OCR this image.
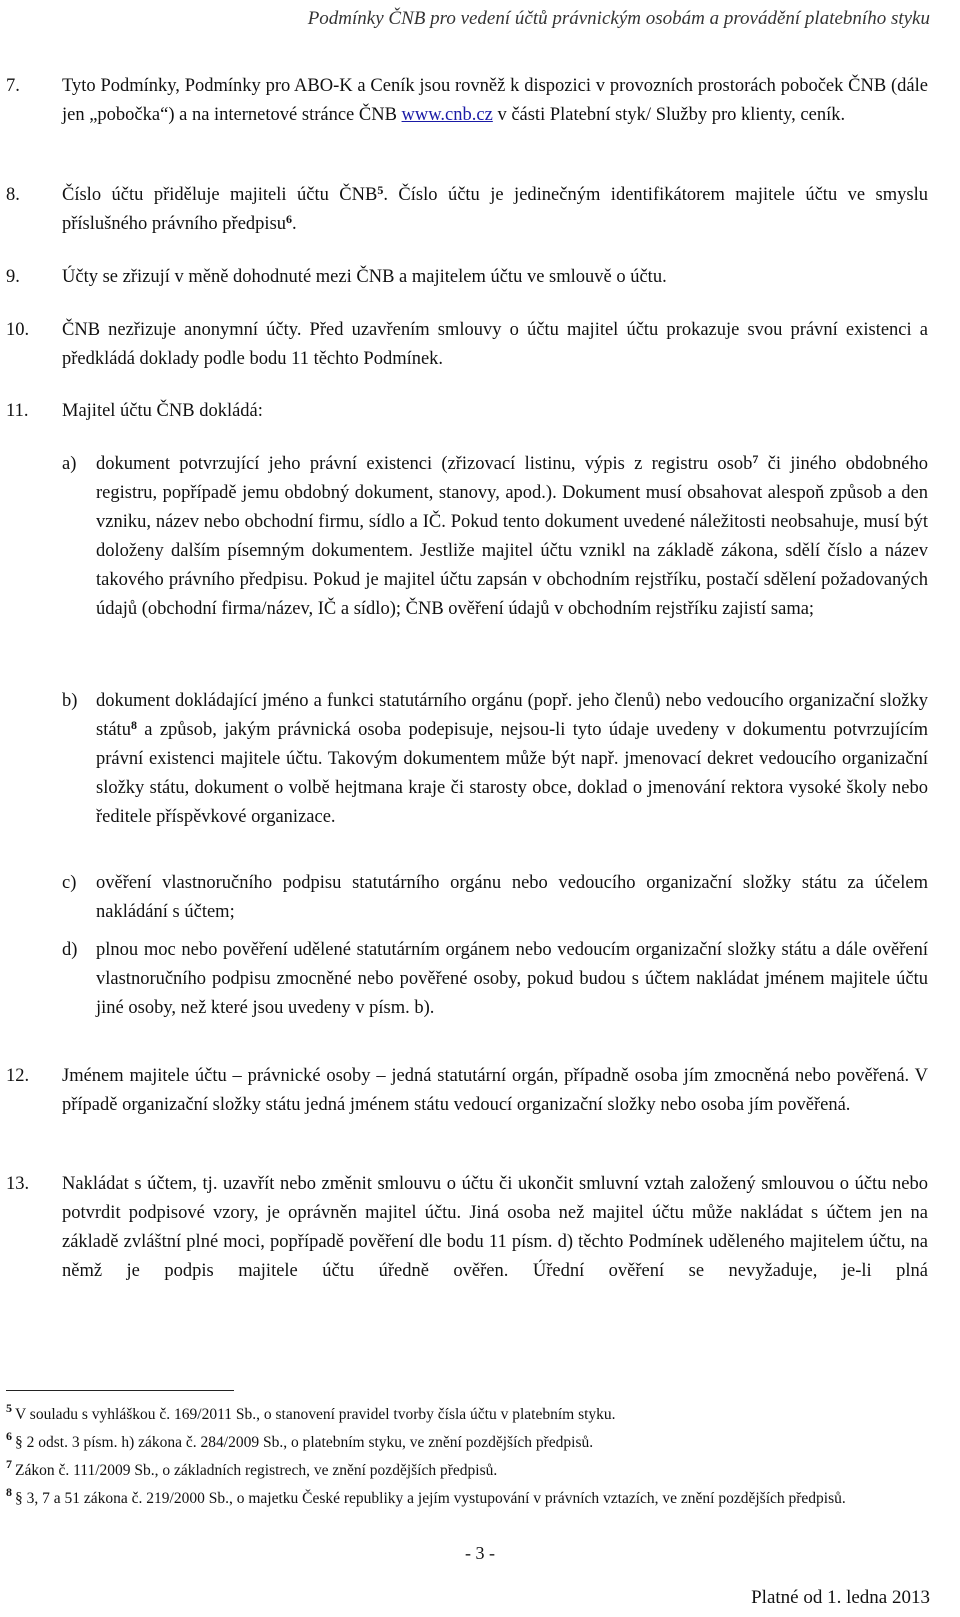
Podmínky ČNB pro vedení účtů právnickým osobám a provádění platebního styku
7. Tyto Podmínky, Podmínky pro ABO-K a Ceník jsou rovněž k dispozici v provozních prostorách poboček ČNB (dále jen „pobočka“) a na internetové stránce ČNB www.cnb.cz v části Platební styk/ Služby pro klienty, ceník.
8. Číslo účtu přiděluje majiteli účtu ČNB$^5$. Číslo účtu je jedinečným identifikátorem majitele účtu ve smyslu příslušného právního předpisu$^6$.
9. Účty se zřizují v měně dohodnuté mezi ČNB a majitelem účtu ve smlouvě o účtu.
10. ČNB nezřizuje anonymní účty. Před uzavřením smlouvy o účtu majitel účtu prokazuje svou právní existenci a předkládá doklady podle bodu 11 těchto Podmínek.
11. Majitel účtu ČNB dokládá:
a) dokument potvrzující jeho právní existenci (zřizovací listinu, výpis z registru osob$^7$ či jiného obdobného registru, popřípadě jemu obdobný dokument, stanovy, apod.). Dokument musí obsahovat alespoň způsob a den vzniku, název nebo obchodní firmu, sídlo a IČ. Pokud tento dokument uvedené náležitosti neobsahuje, musí být doloženy dalším písemným dokumentem. Jestliže majitel účtu vznikl na základě zákona, sdělí číslo a název takového právního předpisu. Pokud je majitel účtu zapsán v obchodním rejstříku, postačí sdělení požadovaných údajů (obchodní firma/název, IČ a sídlo); ČNB ověření údajů v obchodním rejstříku zajistí sama;
b) dokument dokládající jméno a funkci statutárního orgánu (popř. jeho členů) nebo vedoucího organizační složky státu$^8$ a způsob, jakým právnická osoba podepisuje, nejsou-li tyto údaje uvedeny v dokumentu potvrzujícím právní existenci majitele účtu. Takovým dokumentem může být např. jmenovací dekret vedoucího organizační složky státu, dokument o volbě hejtmana kraje či starosty obce, doklad o jmenování rektora vysoké školy nebo ředitele příspěvkové organizace.
c) ověření vlastnoručního podpisu statutárního orgánu nebo vedoucího organizační složky státu za účelem nakládání s účtem;
d) plnou moc nebo pověření udělené statutárním orgánem nebo vedoucím organizační složky státu a dále ověření vlastnoručního podpisu zmocněné nebo pověřené osoby, pokud budou s účtem nakládat jménem majitele účtu jiné osoby, než které jsou uvedeny v písm. b).
12. Jménem majitele účtu – právnické osoby – jedná statutární orgán, případně osoba jím zmocněná nebo pověřená. V případě organizační složky státu jedná jménem státu vedoucí organizační složky nebo osoba jím pověřená.
13. Nakládat s účtem, tj. uzavřít nebo změnit smlouvu o účtu či ukončit smluvní vztah založený smlouvou o účtu nebo potvrdit podpisové vzory, je oprávněn majitel účtu. Jiná osoba než majitel účtu může nakládat s účtem jen na základě zvláštní plné moci, popřípadě pověření dle bodu 11 písm. d) těchto Podmínek uděleného majitelem účtu, na němž je podpis majitele účtu úředně ověřen. Úřední ověření se nevyžaduje, je-li plná
$^5$ V souladu s vyhláškou č. 169/2011 Sb., o stanovení pravidel tvorby čísla účtu v platebním styku.
$^6$ § 2 odst. 3 písm. h) zákona č. 284/2009 Sb., o platebním styku, ve znění pozdějších předpisů.
$^7$ Zákon č. 111/2009 Sb., o základních registrech, ve znění pozdějších předpisů.
$^8$ § 3, 7 a 51 zákona č. 219/2000 Sb., o majetku České republiky a jejím vystupování v právních vztazích, ve znění pozdějších předpisů.
- 3 -
Platné od 1. ledna 2013
